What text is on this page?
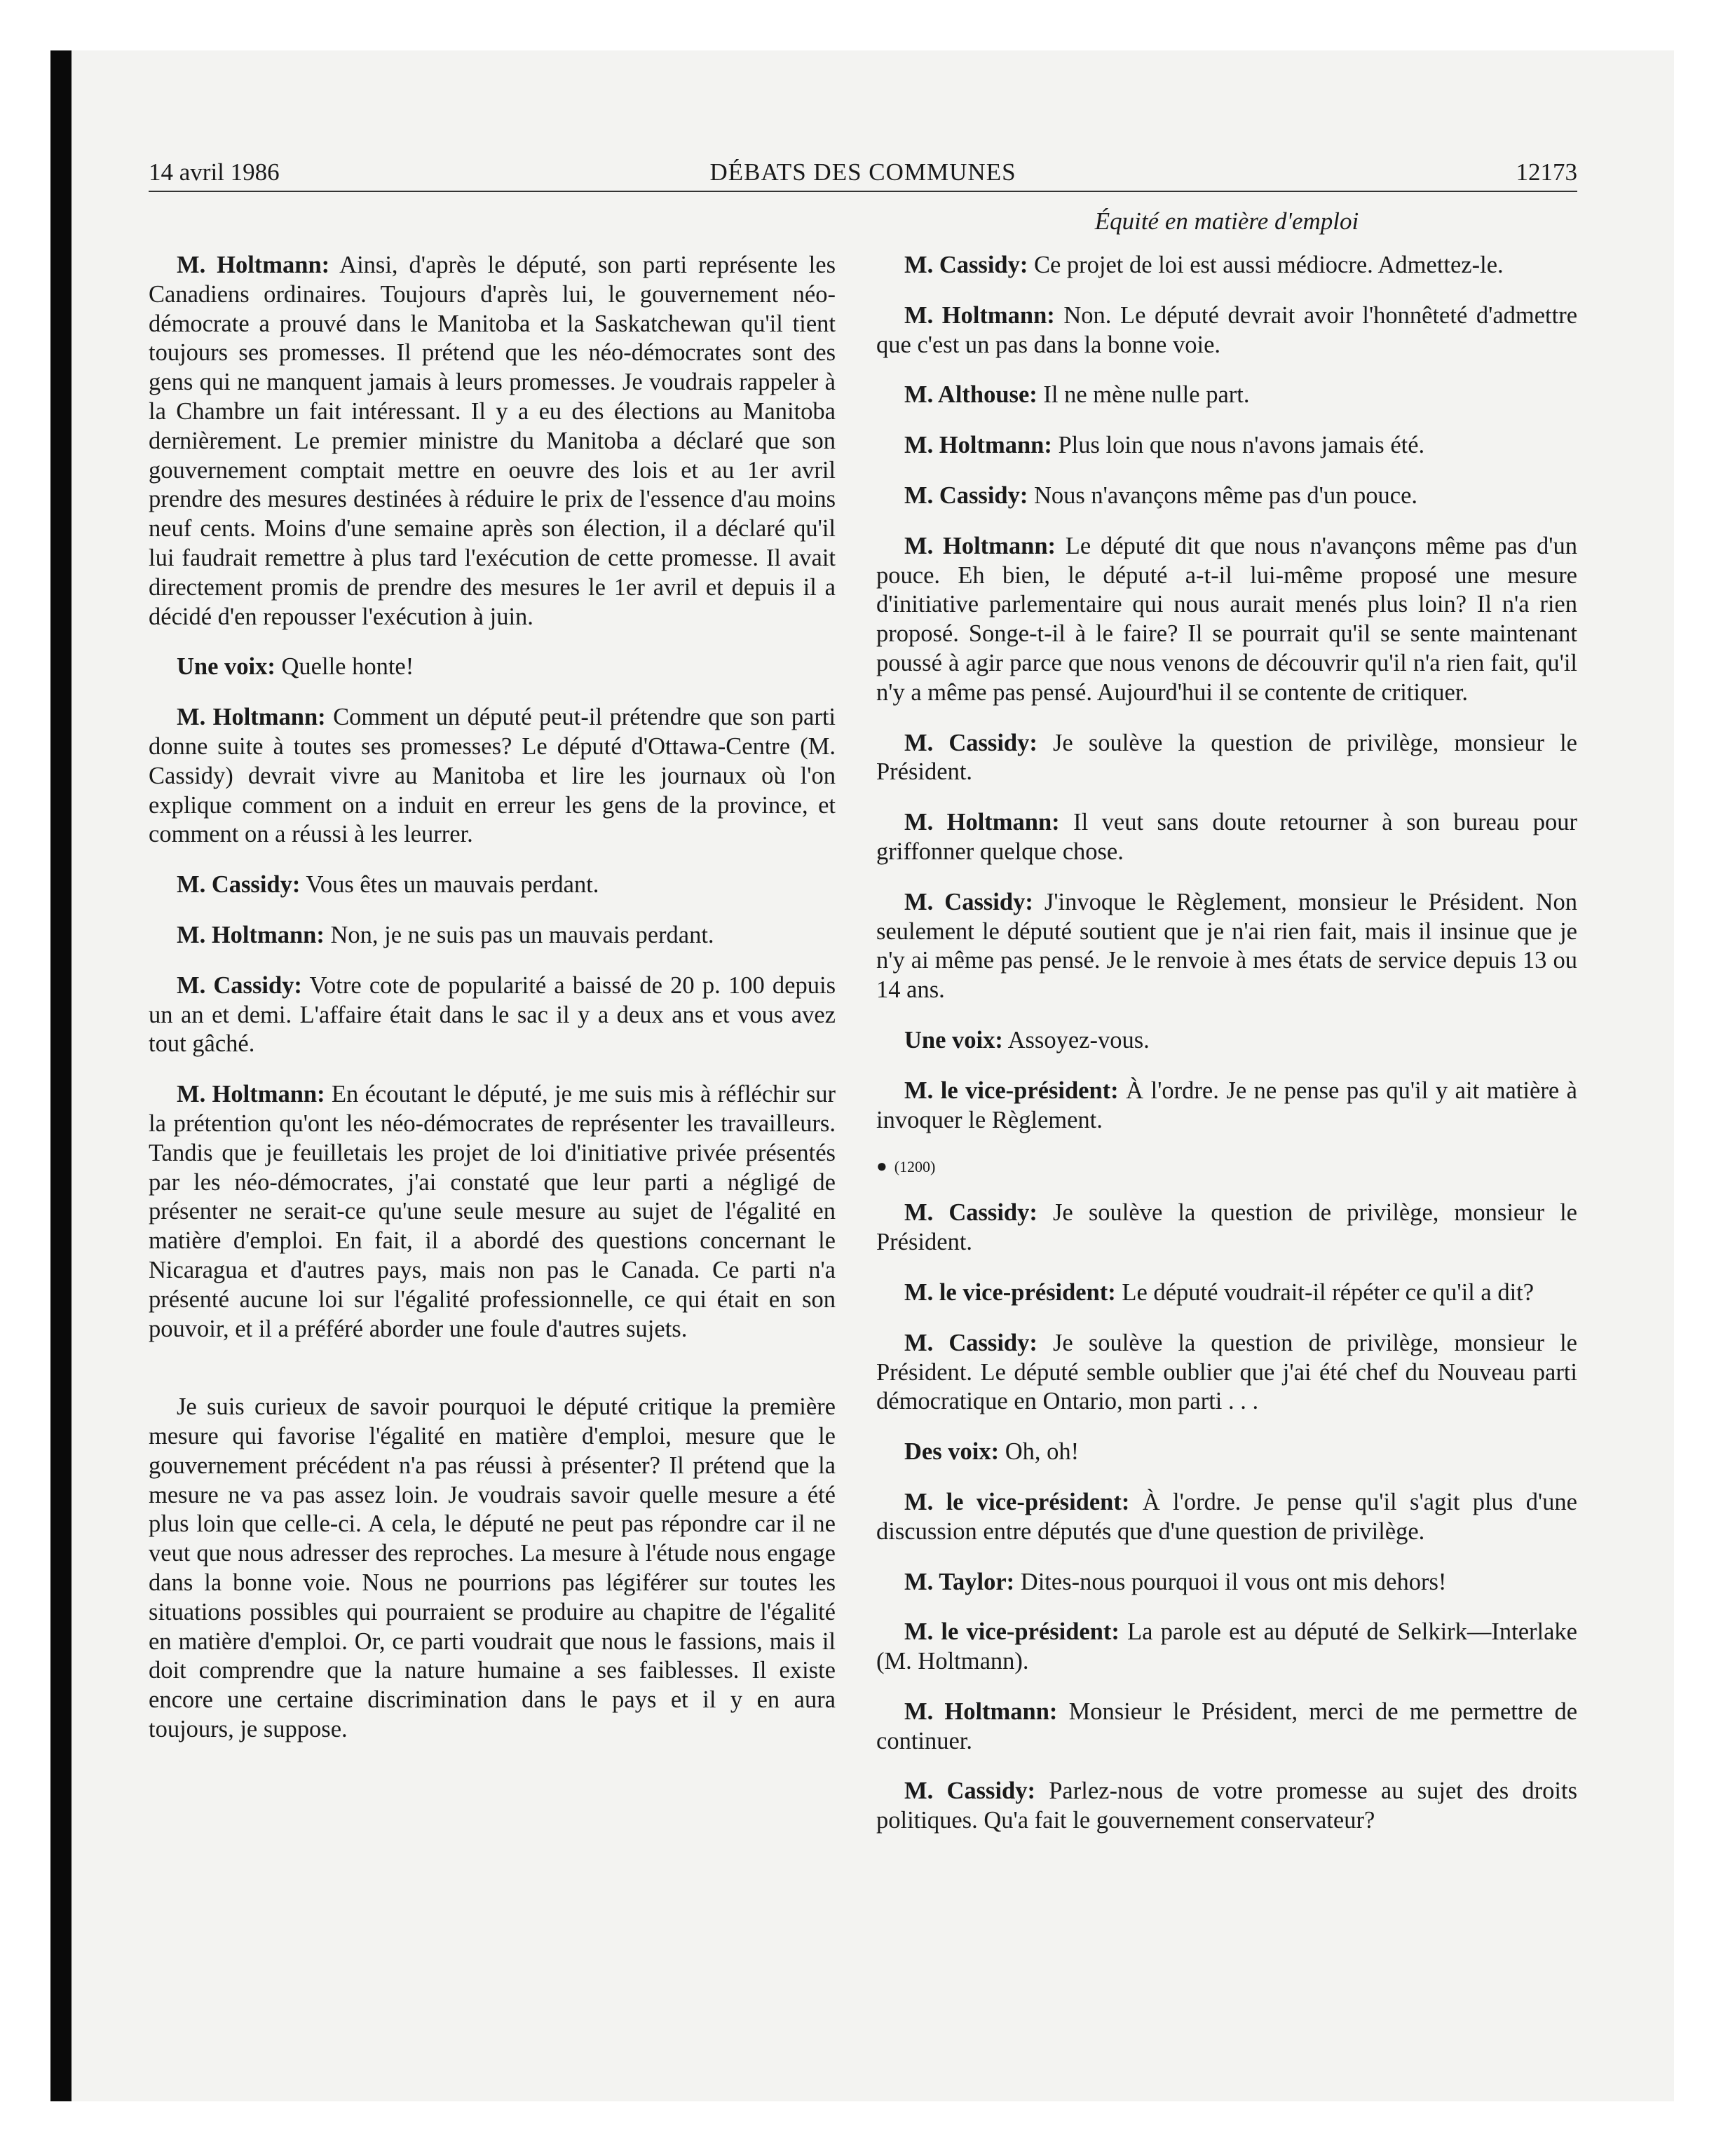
14 avril 1986	DÉBATS DES COMMUNES	12173
Équité en matière d'emploi

M. Holtmann: Ainsi, d'après le député, son parti représente les Canadiens ordinaires. Toujours d'après lui, le gouvernement néo-démocrate a prouvé dans le Manitoba et la Saskatchewan qu'il tient toujours ses promesses. Il prétend que les néo-démocrates sont des gens qui ne manquent jamais à leurs promesses. Je voudrais rappeler à la Chambre un fait intéressant. Il y a eu des élections au Manitoba dernièrement. Le premier ministre du Manitoba a déclaré que son gouvernement comptait mettre en oeuvre des lois et au 1er avril prendre des mesures destinées à réduire le prix de l'essence d'au moins neuf cents. Moins d'une semaine après son élection, il a déclaré qu'il lui faudrait remettre à plus tard l'exécution de cette promesse. Il avait directement promis de prendre des mesures le 1er avril et depuis il a décidé d'en repousser l'exécution à juin.

Une voix: Quelle honte!

M. Holtmann: Comment un député peut-il prétendre que son parti donne suite à toutes ses promesses? Le député d'Ottawa-Centre (M. Cassidy) devrait vivre au Manitoba et lire les journaux où l'on explique comment on a induit en erreur les gens de la province, et comment on a réussi à les leurrer.

M. Cassidy: Vous êtes un mauvais perdant.

M. Holtmann: Non, je ne suis pas un mauvais perdant.

M. Cassidy: Votre cote de popularité a baissé de 20 p. 100 depuis un an et demi. L'affaire était dans le sac il y a deux ans et vous avez tout gâché.

M. Holtmann: En écoutant le député, je me suis mis à réfléchir sur la prétention qu'ont les néo-démocrates de représenter les travailleurs. Tandis que je feuilletais les projet de loi d'initiative privée présentés par les néo-démocrates, j'ai constaté que leur parti a négligé de présenter ne serait-ce qu'une seule mesure au sujet de l'égalité en matière d'emploi. En fait, il a abordé des questions concernant le Nicaragua et d'autres pays, mais non pas le Canada. Ce parti n'a présenté aucune loi sur l'égalité professionnelle, ce qui était en son pouvoir, et il a préféré aborder une foule d'autres sujets.

Je suis curieux de savoir pourquoi le député critique la première mesure qui favorise l'égalité en matière d'emploi, mesure que le gouvernement précédent n'a pas réussi à présenter? Il prétend que la mesure ne va pas assez loin. Je voudrais savoir quelle mesure a été plus loin que celle-ci. A cela, le député ne peut pas répondre car il ne veut que nous adresser des reproches. La mesure à l'étude nous engage dans la bonne voie. Nous ne pourrions pas légiférer sur toutes les situations possibles qui pourraient se produire au chapitre de l'égalité en matière d'emploi. Or, ce parti voudrait que nous le fassions, mais il doit comprendre que la nature humaine a ses faiblesses. Il existe encore une certaine discrimination dans le pays et il y en aura toujours, je suppose.

M. Cassidy: Ce projet de loi est aussi médiocre. Admettez-le.

M. Holtmann: Non. Le député devrait avoir l'honnêteté d'admettre que c'est un pas dans la bonne voie.

M. Althouse: Il ne mène nulle part.

M. Holtmann: Plus loin que nous n'avons jamais été.

M. Cassidy: Nous n'avançons même pas d'un pouce.

M. Holtmann: Le député dit que nous n'avançons même pas d'un pouce. Eh bien, le député a-t-il lui-même proposé une mesure d'initiative parlementaire qui nous aurait menés plus loin? Il n'a rien proposé. Songe-t-il à le faire? Il se pourrait qu'il se sente maintenant poussé à agir parce que nous venons de découvrir qu'il n'a rien fait, qu'il n'y a même pas pensé. Aujourd'hui il se contente de critiquer.

M. Cassidy: Je soulève la question de privilège, monsieur le Président.

M. Holtmann: Il veut sans doute retourner à son bureau pour griffonner quelque chose.

M. Cassidy: J'invoque le Règlement, monsieur le Président. Non seulement le député soutient que je n'ai rien fait, mais il insinue que je n'y ai même pas pensé. Je le renvoie à mes états de service depuis 13 ou 14 ans.

Une voix: Assoyez-vous.

M. le vice-président: À l'ordre. Je ne pense pas qu'il y ait matière à invoquer le Règlement.

● (1200)

M. Cassidy: Je soulève la question de privilège, monsieur le Président.

M. le vice-président: Le député voudrait-il répéter ce qu'il a dit?

M. Cassidy: Je soulève la question de privilège, monsieur le Président. Le député semble oublier que j'ai été chef du Nouveau parti démocratique en Ontario, mon parti . . .

Des voix: Oh, oh!

M. le vice-président: À l'ordre. Je pense qu'il s'agit plus d'une discussion entre députés que d'une question de privilège.

M. Taylor: Dites-nous pourquoi il vous ont mis dehors!

M. le vice-président: La parole est au député de Selkirk—Interlake (M. Holtmann).

M. Holtmann: Monsieur le Président, merci de me permettre de continuer.

M. Cassidy: Parlez-nous de votre promesse au sujet des droits politiques. Qu'a fait le gouvernement conservateur?
